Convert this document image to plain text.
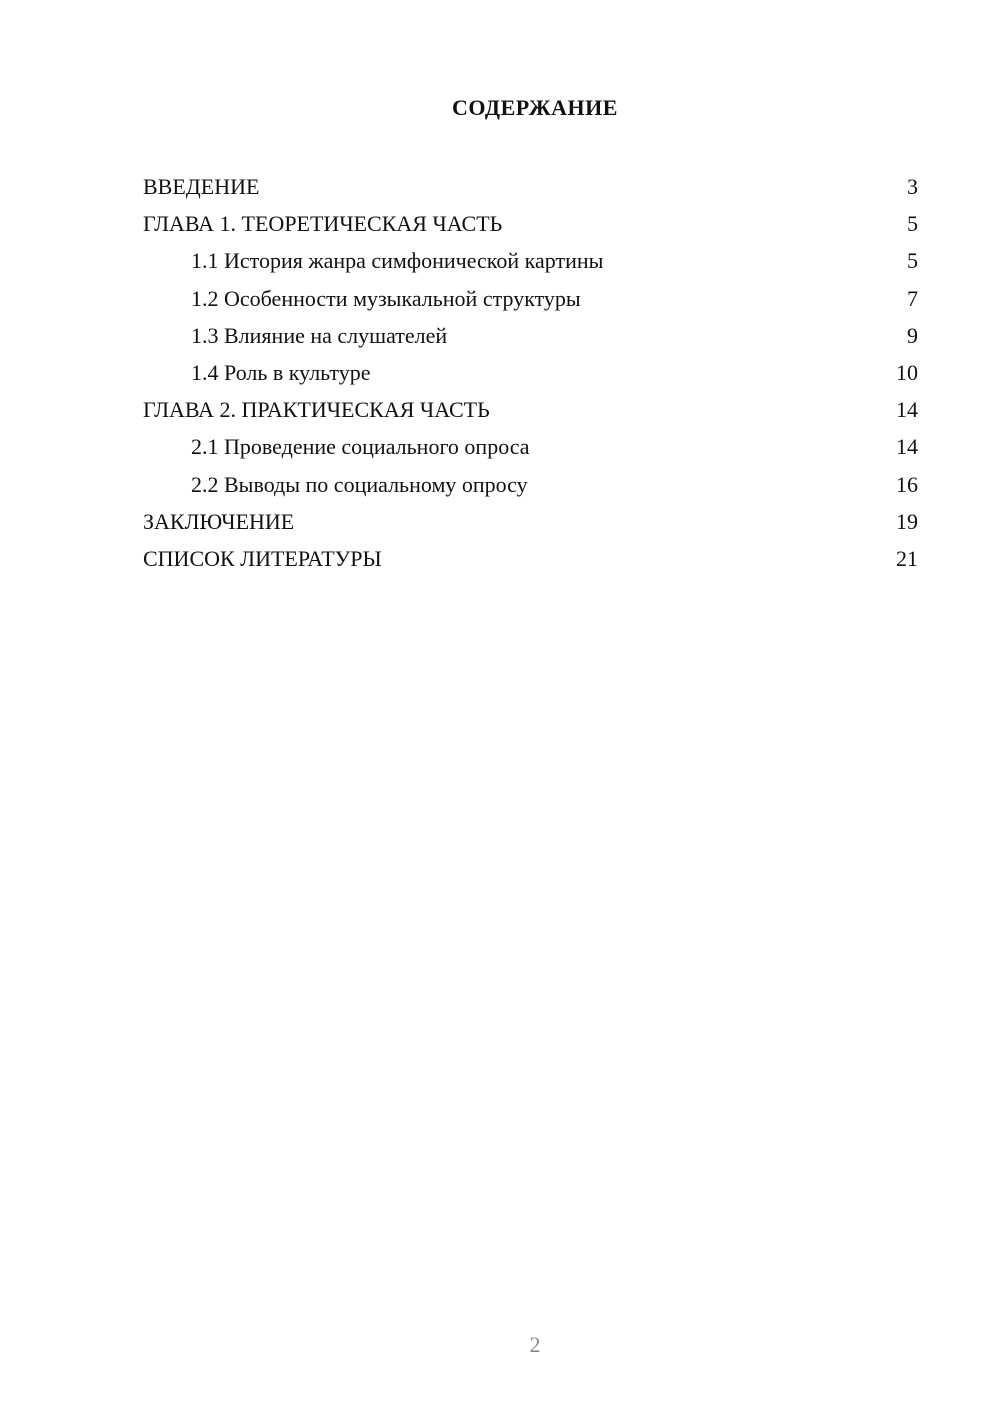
СОДЕРЖАНИЕ
ВВЕДЕНИЕ	3
ГЛАВА 1. ТЕОРЕТИЧЕСКАЯ ЧАСТЬ	5
1.1 История жанра симфонической картины	5
1.2 Особенности музыкальной структуры	7
1.3 Влияние на слушателей	9
1.4 Роль в культуре	10
ГЛАВА 2. ПРАКТИЧЕСКАЯ ЧАСТЬ	14
2.1 Проведение социального опроса	14
2.2 Выводы по социальному опросу	16
ЗАКЛЮЧЕНИЕ	19
СПИСОК ЛИТЕРАТУРЫ	21
2
